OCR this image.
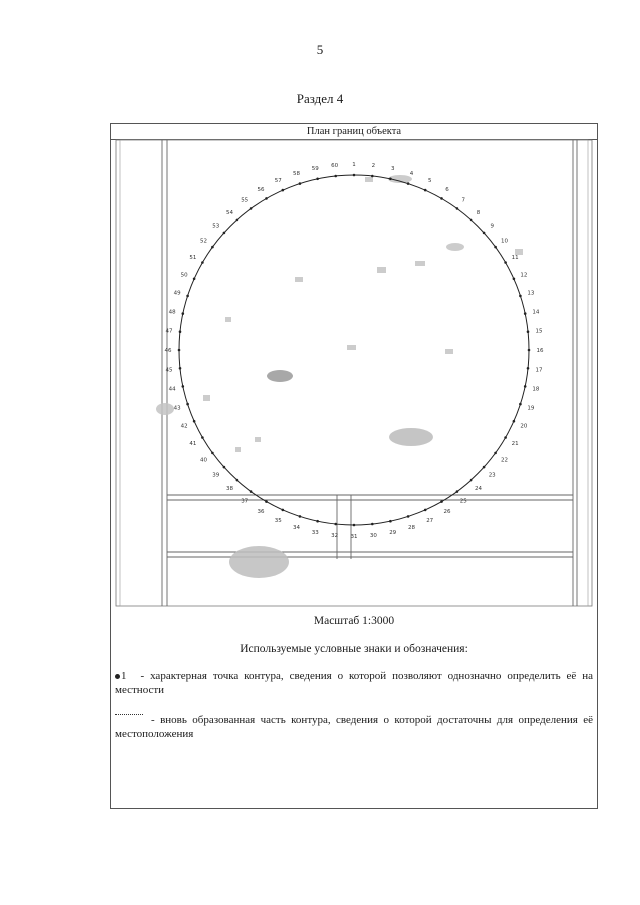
5
Раздел 4
План границ объекта
1	2
3
4
5
6
7
8
9
10
11
12
13
14
15
16
17
18
19
20
21
22
23
24
25
26
27
28
29
30
31
32
33
34
35
36
37
38
39
40
41
42
43
44
45
46
47
48
49
50
51
52
53
54
55
56
57
58
59
60
Масштаб 1:3000
Используемые условные знаки и обозначения:
1 - характерная точка контура, сведения о которой позволяют однозначно определить её на местности
- вновь образованная часть контура, сведения о которой достаточны для определения её местоположения
